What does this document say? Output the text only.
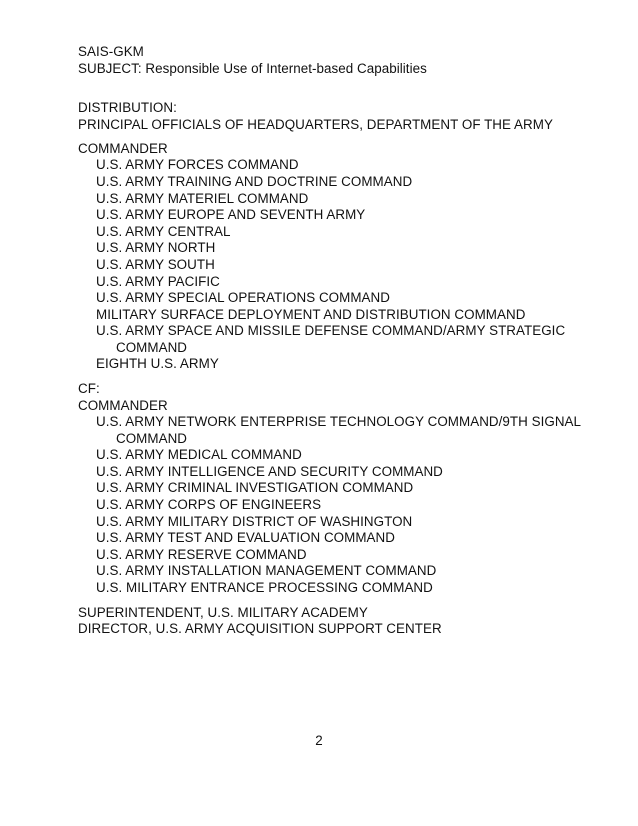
SAIS-GKM
SUBJECT: Responsible Use of Internet-based Capabilities
DISTRIBUTION:
PRINCIPAL OFFICIALS OF HEADQUARTERS, DEPARTMENT OF THE ARMY
COMMANDER
U.S. ARMY FORCES COMMAND
U.S. ARMY TRAINING AND DOCTRINE COMMAND
U.S. ARMY MATERIEL COMMAND
U.S. ARMY EUROPE AND SEVENTH ARMY
U.S. ARMY CENTRAL
U.S. ARMY NORTH
U.S. ARMY SOUTH
U.S. ARMY PACIFIC
U.S. ARMY SPECIAL OPERATIONS COMMAND
MILITARY SURFACE DEPLOYMENT AND DISTRIBUTION COMMAND
U.S. ARMY SPACE AND MISSILE DEFENSE COMMAND/ARMY STRATEGIC
COMMAND
EIGHTH U.S. ARMY
CF:
COMMANDER
U.S. ARMY NETWORK ENTERPRISE TECHNOLOGY COMMAND/9TH SIGNAL
COMMAND
U.S. ARMY MEDICAL COMMAND
U.S. ARMY INTELLIGENCE AND SECURITY COMMAND
U.S. ARMY CRIMINAL INVESTIGATION COMMAND
U.S. ARMY CORPS OF ENGINEERS
U.S. ARMY MILITARY DISTRICT OF WASHINGTON
U.S. ARMY TEST AND EVALUATION COMMAND
U.S. ARMY RESERVE COMMAND
U.S. ARMY INSTALLATION MANAGEMENT COMMAND
U.S. MILITARY ENTRANCE PROCESSING COMMAND
SUPERINTENDENT, U.S. MILITARY ACADEMY
DIRECTOR, U.S. ARMY ACQUISITION SUPPORT CENTER
2
